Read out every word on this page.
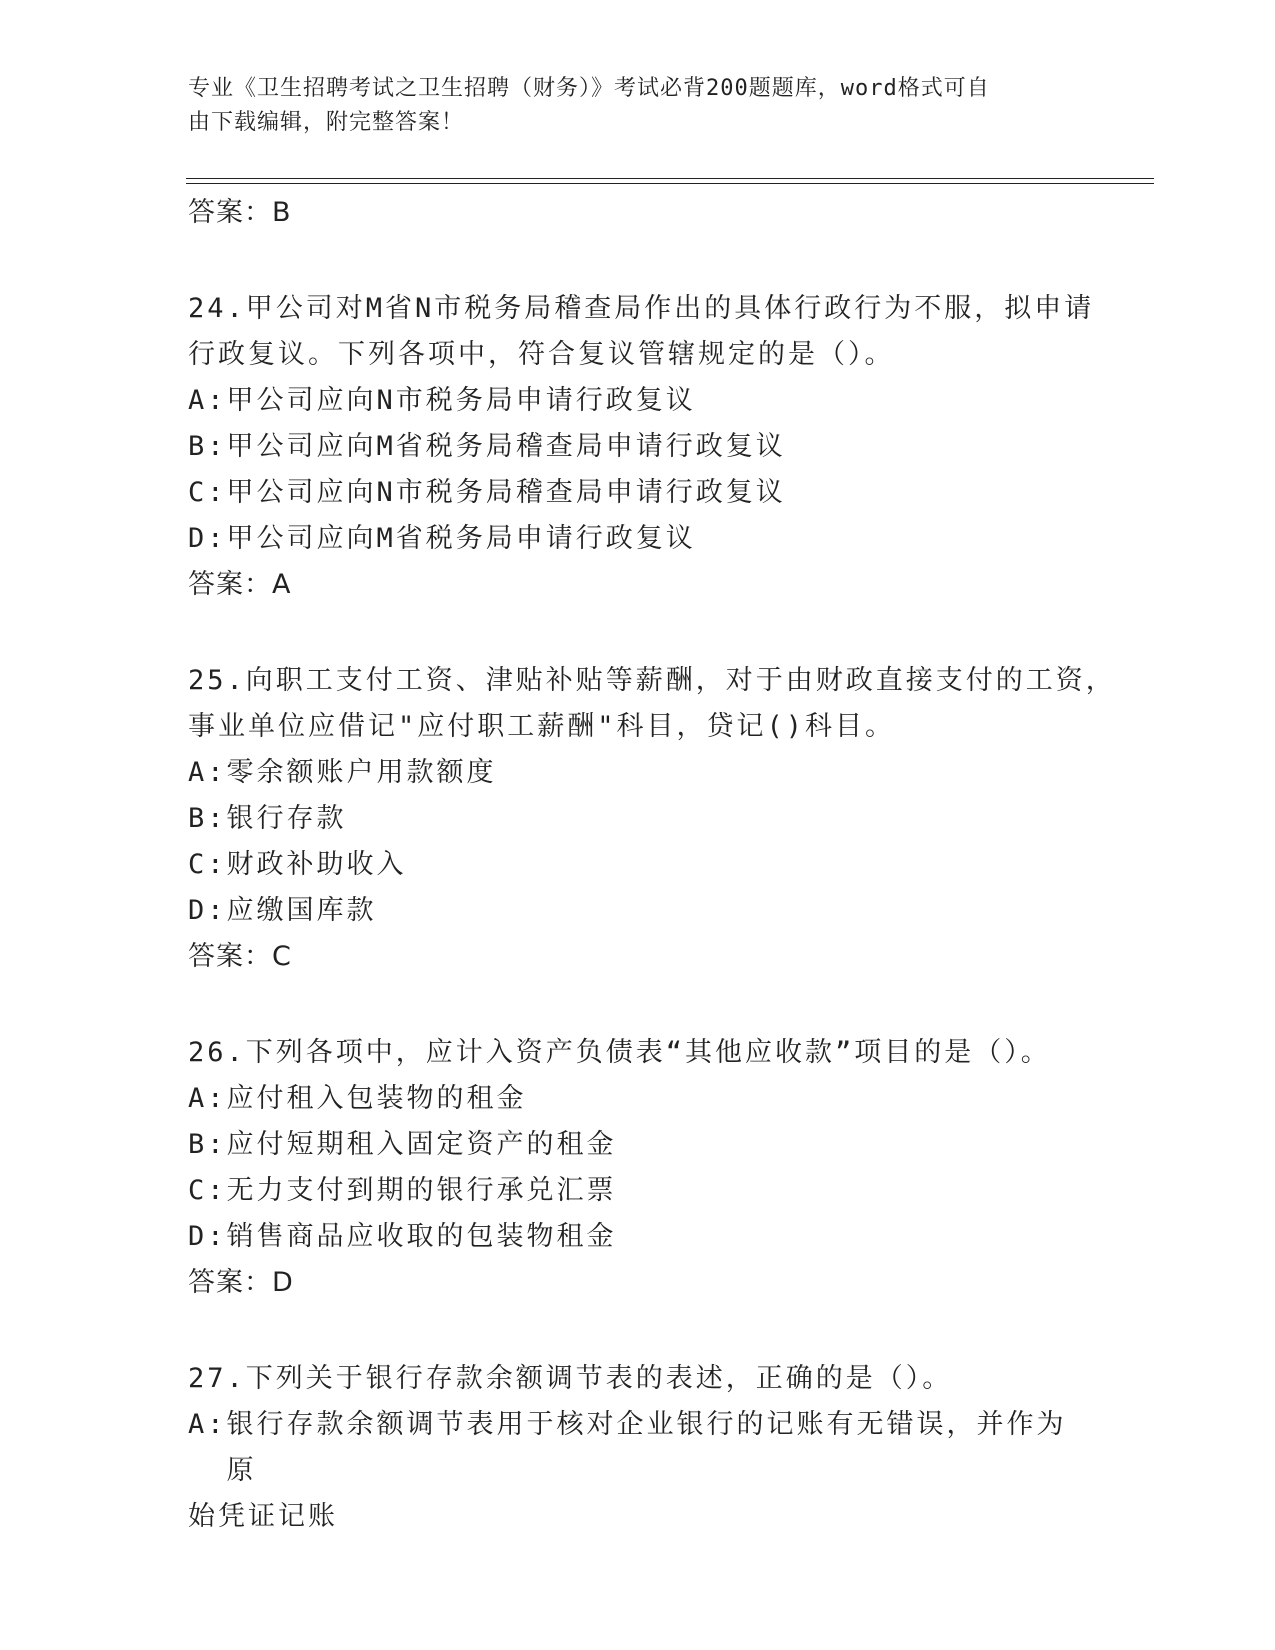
专业《卫生招聘考试之卫生招聘（财务）》考试必背200题题库，word格式可自
由下载编辑，附完整答案！
答案：B
24.甲公司对M省N市税务局稽查局作出的具体行政行为不服，拟申请
行政复议。下列各项中，符合复议管辖规定的是（）。
A: 甲公司应向N市税务局申请行政复议
B: 甲公司应向M省税务局稽查局申请行政复议
C: 甲公司应向N市税务局稽查局申请行政复议
D: 甲公司应向M省税务局申请行政复议
答案：A
25.向职工支付工资、津贴补贴等薪酬，对于由财政直接支付的工资，
事业单位应借记"应付职工薪酬"科目，贷记()科目。
A: 零余额账户用款额度
B: 银行存款
C: 财政补助收入
D: 应缴国库款
答案：C
26.下列各项中，应计入资产负债表“其他应收款”项目的是（）。
A: 应付租入包装物的租金
B: 应付短期租入固定资产的租金
C: 无力支付到期的银行承兑汇票
D: 销售商品应收取的包装物租金
答案：D
27.下列关于银行存款余额调节表的表述，正确的是（）。
A: 银行存款余额调节表用于核对企业银行的记账有无错误，并作为原
始凭证记账
